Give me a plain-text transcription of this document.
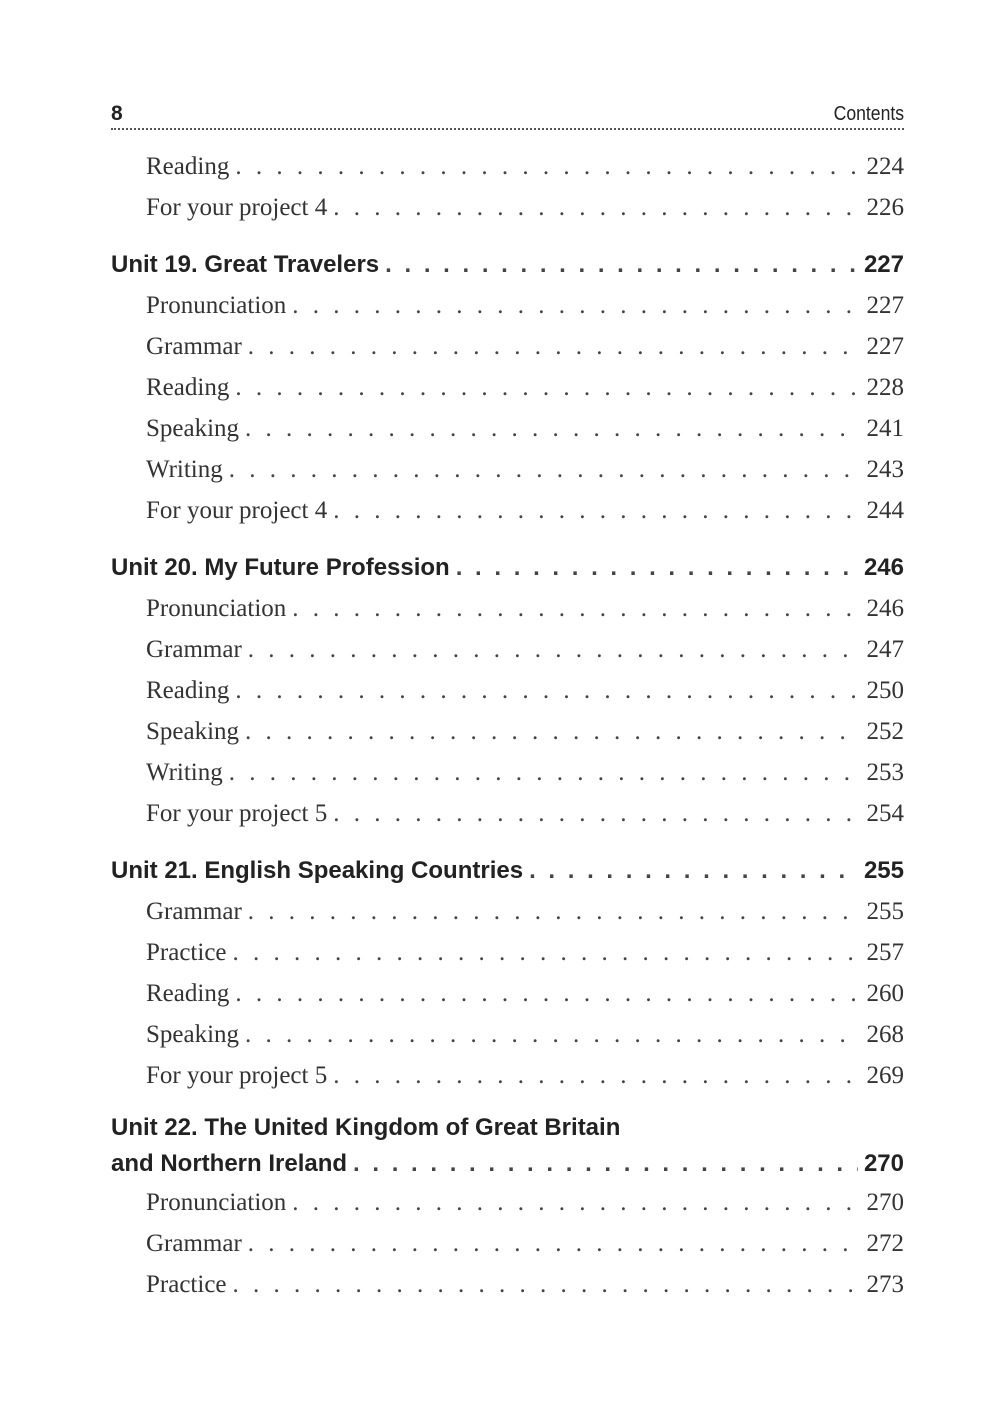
8	Contents
Reading . . .	224
For your project 4 . . .	226
Unit 19. Great Travelers . . .	227
Pronunciation . . .	227
Grammar . . .	227
Reading . . .	228
Speaking . . .	241
Writing . . .	243
For your project 4 . . .	244
Unit 20. My Future Profession . . .	246
Pronunciation . . .	246
Grammar . . .	247
Reading . . .	250
Speaking . . .	252
Writing . . .	253
For your project 5 . . .	254
Unit 21. English Speaking Countries . . .	255
Grammar . . .	255
Practice . . .	257
Reading . . .	260
Speaking . . .	268
For your project 5 . . .	269
Unit 22. The United Kingdom of Great Britain
and Northern Ireland . . .	270
Pronunciation . . .	270
Grammar . . .	272
Practice . . .	273
